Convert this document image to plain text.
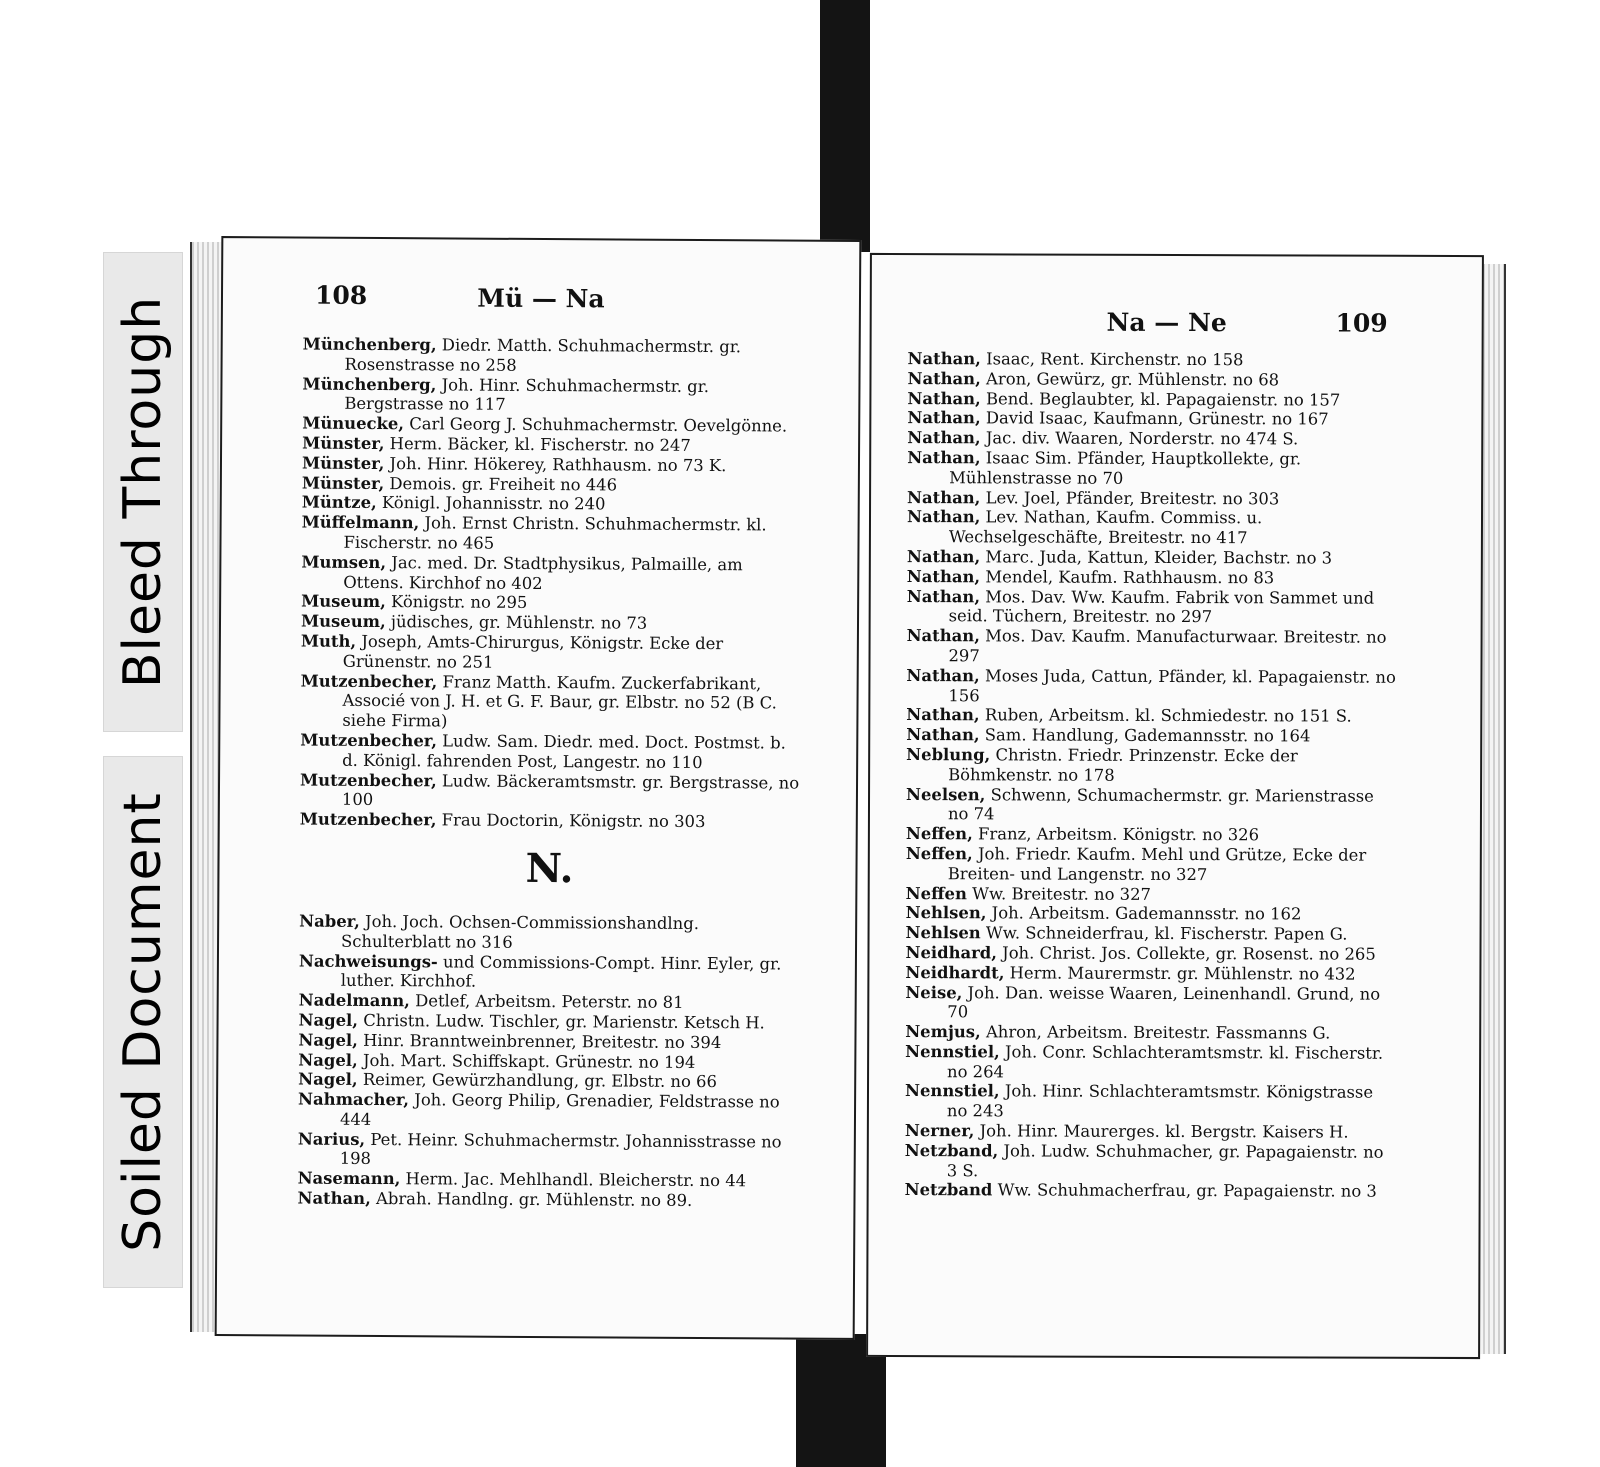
Bleed Through
Soiled Document
108	Mü — Na
Münchenberg, Diedr. Matth. Schuhmachermstr. gr. Rosenstrasse no 258
Münchenberg, Joh. Hinr. Schuhmachermstr. gr. Bergstrasse no 117
Münuecke, Carl Georg J. Schuhmachermstr. Oevelgönne.
Münster, Herm. Bäcker, kl. Fischerstr. no 247
Münster, Joh. Hinr. Hökerey, Rathhausm. no 73 K.
Münster, Demois. gr. Freiheit no 446
Müntze, Königl. Johannisstr. no 240
Müffelmann, Joh. Ernst Christn. Schuhmachermstr. kl. Fischerstr. no 465
Mumsen, Jac. med. Dr. Stadtphysikus, Palmaille, am Ottens. Kirchhof no 402
Museum, Königstr. no 295
Museum, jüdisches, gr. Mühlenstr. no 73
Muth, Joseph, Amts-Chirurgus, Königstr. Ecke der Grünenstr. no 251
Mutzenbecher, Franz Matth. Kaufm. Zuckerfabrikant, Associé von J. H. et G. F. Baur, gr. Elbstr. no 52 (B C. siehe Firma)
Mutzenbecher, Ludw. Sam. Diedr. med. Doct. Postmst. b. d. Königl. fahrenden Post, Langestr. no 110
Mutzenbecher, Ludw. Bäckeramtsmstr. gr. Bergstrasse, no 100
Mutzenbecher, Frau Doctorin, Königstr. no 303
N.
Naber, Joh. Joch. Ochsen-Commissionshandlng. Schulterblatt no 316
Nachweisungs- und Commissions-Compt. Hinr. Eyler, gr. luther. Kirchhof.
Nadelmann, Detlef, Arbeitsm. Peterstr. no 81
Nagel, Christn. Ludw. Tischler, gr. Marienstr. Ketsch H.
Nagel, Hinr. Branntweinbrenner, Breitestr. no 394
Nagel, Joh. Mart. Schiffskapt. Grünestr. no 194
Nagel, Reimer, Gewürzhandlung, gr. Elbstr. no 66
Nahmacher, Joh. Georg Philip, Grenadier, Feldstrasse no 444
Narius, Pet. Heinr. Schuhmachermstr. Johannisstrasse no 198
Nasemann, Herm. Jac. Mehlhandl. Bleicherstr. no 44
Nathan, Abrah. Handlng. gr. Mühlenstr. no 89.
Na — Ne	109
Nathan, Isaac, Rent. Kirchenstr. no 158
Nathan, Aron, Gewürz, gr. Mühlenstr. no 68
Nathan, Bend. Beglaubter, kl. Papagaienstr. no 157
Nathan, David Isaac, Kaufmann, Grünestr. no 167
Nathan, Jac. div. Waaren, Norderstr. no 474 S.
Nathan, Isaac Sim. Pfänder, Hauptkollekte, gr. Mühlenstrasse no 70
Nathan, Lev. Joel, Pfänder, Breitestr. no 303
Nathan, Lev. Nathan, Kaufm. Commiss. u. Wechselgeschäfte, Breitestr. no 417
Nathan, Marc. Juda, Kattun, Kleider, Bachstr. no 3
Nathan, Mendel, Kaufm. Rathhausm. no 83
Nathan, Mos. Dav. Ww. Kaufm. Fabrik von Sammet und seid. Tüchern, Breitestr. no 297
Nathan, Mos. Dav. Kaufm. Manufacturwaar. Breitestr. no 297
Nathan, Moses Juda, Cattun, Pfänder, kl. Papagaienstr. no 156
Nathan, Ruben, Arbeitsm. kl. Schmiedestr. no 151 S.
Nathan, Sam. Handlung, Gademannsstr. no 164
Neblung, Christn. Friedr. Prinzenstr. Ecke der Böhmkenstr. no 178
Neelsen, Schwenn, Schumachermstr. gr. Marienstrasse no 74
Neffen, Franz, Arbeitsm. Königstr. no 326
Neffen, Joh. Friedr. Kaufm. Mehl und Grütze, Ecke der Breiten- und Langenstr. no 327
Neffen Ww. Breitestr. no 327
Nehlsen, Joh. Arbeitsm. Gademannsstr. no 162
Nehlsen Ww. Schneiderfrau, kl. Fischerstr. Papen G.
Neidhard, Joh. Christ. Jos. Collekte, gr. Rosenst. no 265
Neidhardt, Herm. Maurermstr. gr. Mühlenstr. no 432
Neise, Joh. Dan. weisse Waaren, Leinenhandl. Grund, no 70
Nemjus, Ahron, Arbeitsm. Breitestr. Fassmanns G.
Nennstiel, Joh. Conr. Schlachteramtsmstr. kl. Fischerstr. no 264
Nennstiel, Joh. Hinr. Schlachteramtsmstr. Königstrasse no 243
Nerner, Joh. Hinr. Maurerges. kl. Bergstr. Kaisers H.
Netzband, Joh. Ludw. Schuhmacher, gr. Papagaienstr. no 3 S.
Netzband Ww. Schuhmacherfrau, gr. Papagaienstr. no 3
